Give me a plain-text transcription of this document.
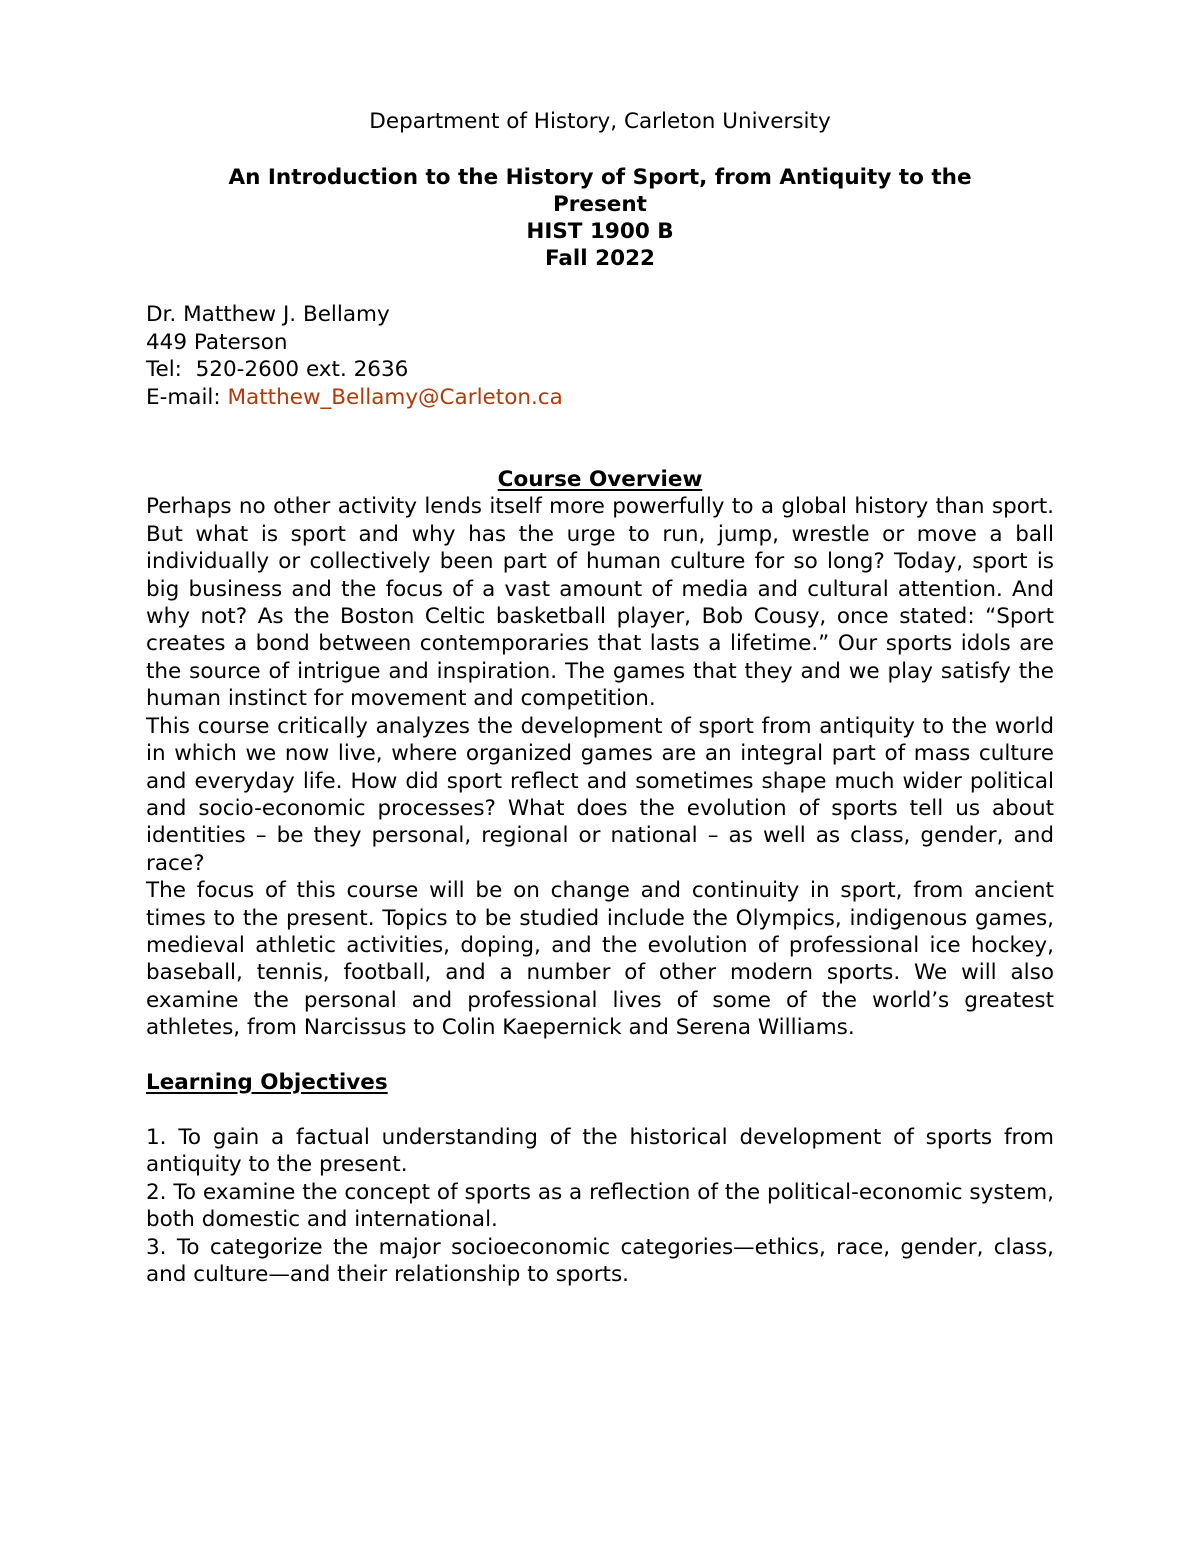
Department of History, Carleton University
An Introduction to the History of Sport, from Antiquity to the
Present
HIST 1900 B
Fall 2022
Dr. Matthew J. Bellamy
449 Paterson
Tel:  520-2600 ext. 2636
E-mail: Matthew_Bellamy@Carleton.ca
Course Overview

Perhaps no other activity lends itself more powerfully to a global history than sport. But what is sport and why has the urge to run, jump, wrestle or move a ball individually or collectively been part of human culture for so long? Today, sport is big business and the focus of a vast amount of media and cultural attention. And why not? As the Boston Celtic basketball player, Bob Cousy, once stated: “Sport creates a bond between contemporaries that lasts a lifetime.” Our sports idols are the source of intrigue and inspiration. The games that they and we play satisfy the human instinct for movement and competition.

This course critically analyzes the development of sport from antiquity to the world in which we now live, where organized games are an integral part of mass culture and everyday life. How did sport reflect and sometimes shape much wider political and socio-economic processes? What does the evolution of sports tell us about identities – be they personal, regional or national – as well as class, gender, and race?

The focus of this course will be on change and continuity in sport, from ancient times to the present. Topics to be studied include the Olympics, indigenous games, medieval athletic activities, doping, and the evolution of professional ice hockey, baseball, tennis, football, and a number of other modern sports. We will also examine the personal and professional lives of some of the world’s greatest athletes, from Narcissus to Colin Kaepernick and Serena Williams.

Learning Objectives
1. To gain a factual understanding of the historical development of sports from antiquity to the present.
2. To examine the concept of sports as a reflection of the political-economic system, both domestic and international.
3. To categorize the major socioeconomic categories—ethics, race, gender, class, and culture—and their relationship to sports.
